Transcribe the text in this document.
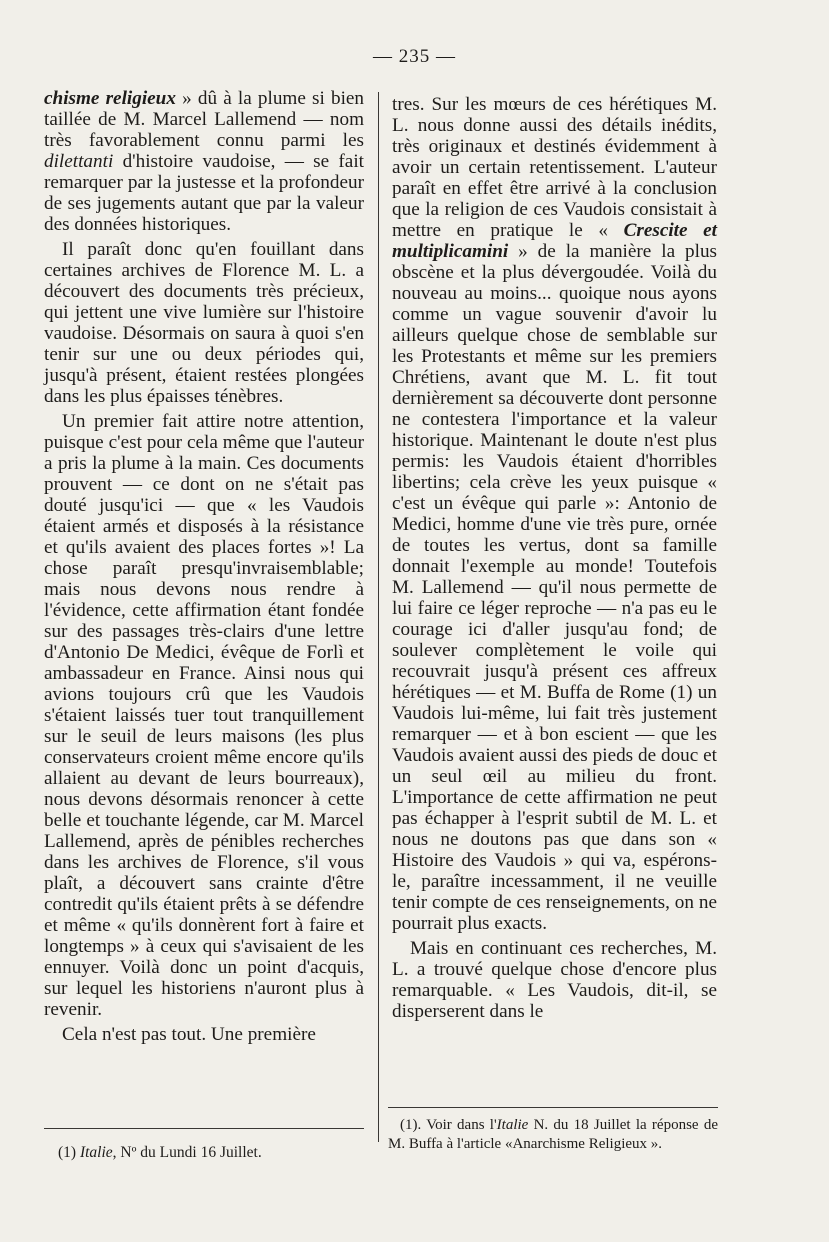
— 235 —

chisme religieux » dû à la plume si bien taillée de M. Marcel Lallemend — nom très favorablement connu parmi les dilettanti d'histoire vaudoise, — se fait remarquer par la justesse et la profondeur de ses jugements autant que par la valeur des données historiques.

Il paraît donc qu'en fouillant dans certaines archives de Florence M. L. a découvert des documents très précieux, qui jettent une vive lumière sur l'histoire vaudoise. Désormais on saura à quoi s'en tenir sur une ou deux périodes qui, jusqu'à présent, étaient restées plongées dans les plus épaisses ténèbres.

Un premier fait attire notre attention, puisque c'est pour cela même que l'auteur a pris la plume à la main. Ces documents prouvent — ce dont on ne s'était pas douté jusqu'ici — que « les Vaudois étaient armés et disposés à la résistance et qu'ils avaient des places fortes »! La chose paraît presqu'invraisemblable; mais nous devons nous rendre à l'évidence, cette affirmation étant fondée sur des passages très-clairs d'une lettre d'Antonio De Medici, évêque de Forlì et ambassadeur en France. Ainsi nous qui avions toujours crû que les Vaudois s'étaient laissés tuer tout tranquillement sur le seuil de leurs maisons (les plus conservateurs croient même encore qu'ils allaient au devant de leurs bourreaux), nous devons désormais renoncer à cette belle et touchante légende, car M. Marcel Lallemend, après de pénibles recherches dans les archives de Florence, s'il vous plaît, a découvert sans crainte d'être contredit qu'ils étaient prêts à se défendre et même « qu'ils donnèrent fort à faire et longtemps » à ceux qui s'avisaient de les ennuyer. Voilà donc un point d'acquis, sur lequel les historiens n'auront plus à revenir.

Cela n'est pas tout. Une première

tres. Sur les mœurs de ces hérétiques M. L. nous donne aussi des détails inédits, très originaux et destinés évidemment à avoir un certain retentissement. L'auteur paraît en effet être arrivé à la conclusion que la religion de ces Vaudois consistait à mettre en pratique le « Crescite et multiplicamini » de la manière la plus obscène et la plus dévergoudée. Voilà du nouveau au moins... quoique nous ayons comme un vague souvenir d'avoir lu ailleurs quelque chose de semblable sur les Protestants et même sur les premiers Chrétiens, avant que M. L. fit tout dernièrement sa découverte dont personne ne contestera l'importance et la valeur historique. Maintenant le doute n'est plus permis: les Vaudois étaient d'horribles libertins; cela crève les yeux puisque « c'est un évêque qui parle »: Antonio de Medici, homme d'une vie très pure, ornée de toutes les vertus, dont sa famille donnait l'exemple au monde! Toutefois M. Lallemend — qu'il nous permette de lui faire ce léger reproche — n'a pas eu le courage ici d'aller jusqu'au fond; de soulever complètement le voile qui recouvrait jusqu'à présent ces affreux hérétiques — et M. Buffa de Rome (1) un Vaudois lui-même, lui fait très justement remarquer — et à bon escient — que les Vaudois avaient aussi des pieds de douc et un seul œil au milieu du front. L'importance de cette affirmation ne peut pas échapper à l'esprit subtil de M. L. et nous ne doutons pas que dans son « Histoire des Vaudois » qui va, espérons-le, paraître incessamment, il ne veuille tenir compte de ces renseignements, on ne pourrait plus exacts.

Mais en continuant ces recherches, M. L. a trouvé quelque chose d'encore plus remarquable. « Les Vaudois, dit-il, se disperserent dans le

(1) Italie, Nº du Lundi 16 Juillet.
(1). Voir dans l'Italie N. du 18 Juillet la réponse de M. Buffa à l'article «Anarchisme Religieux ».
